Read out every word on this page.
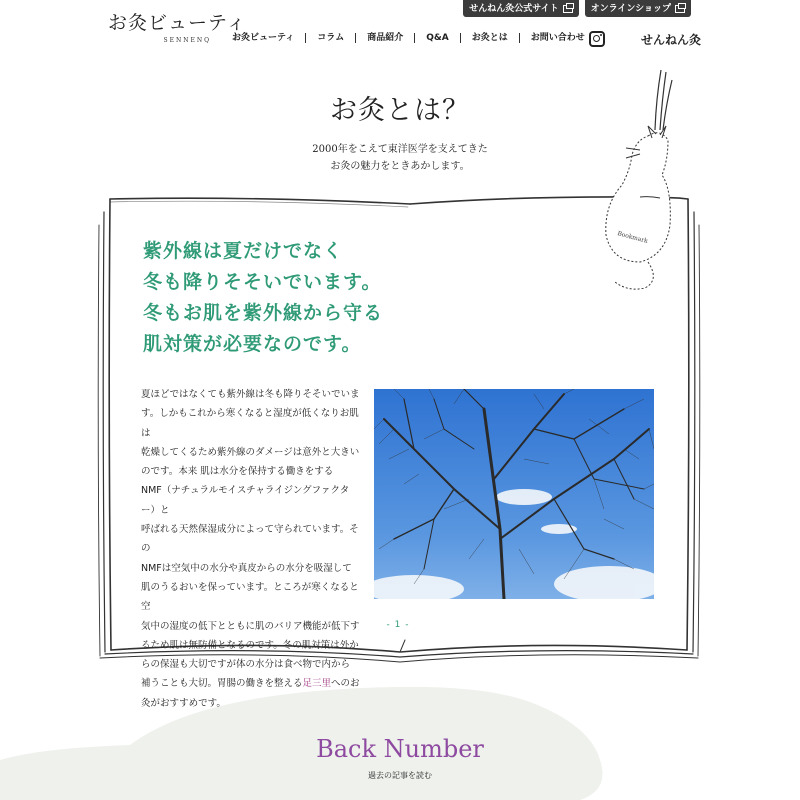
せんねん灸公式サイト	オンラインショップ
お灸ビューティ
SENNENQ	お灸ビューティ	コラム	商品紹介	Q&A	お灸とは	お問い合わせ	せんねん灸
お灸とは？
2000年をこえて東洋医学を支えてきた
お灸の魅力をときあかします。
Bookmark
紫外線は夏だけでなく
冬も降りそそいでいます。
冬もお肌を紫外線から守る
肌対策が必要なのです。
夏ほどではなくても紫外線は冬も降りそそいでいま
す。しかもこれから寒くなると湿度が低くなりお肌は
乾燥してくるため紫外線のダメージは意外と大きい
のです。本来 肌は水分を保持する働きをする
NMF（ナチュラルモイスチャライジングファクター）と
呼ばれる天然保湿成分によって守られています。その
NMFは空気中の水分や真皮からの水分を吸湿して
肌のうるおいを保っています。ところが寒くなると空
気中の湿度の低下とともに肌のバリア機能が低下す
るため肌は無防備となるのです。冬の肌対策は外か
らの保湿も大切ですが体の水分は食べ物で内から
補うことも大切。胃腸の働きを整える足三里へのお
灸がおすすめです。
- 1 -
Back Number
過去の記事を読む
